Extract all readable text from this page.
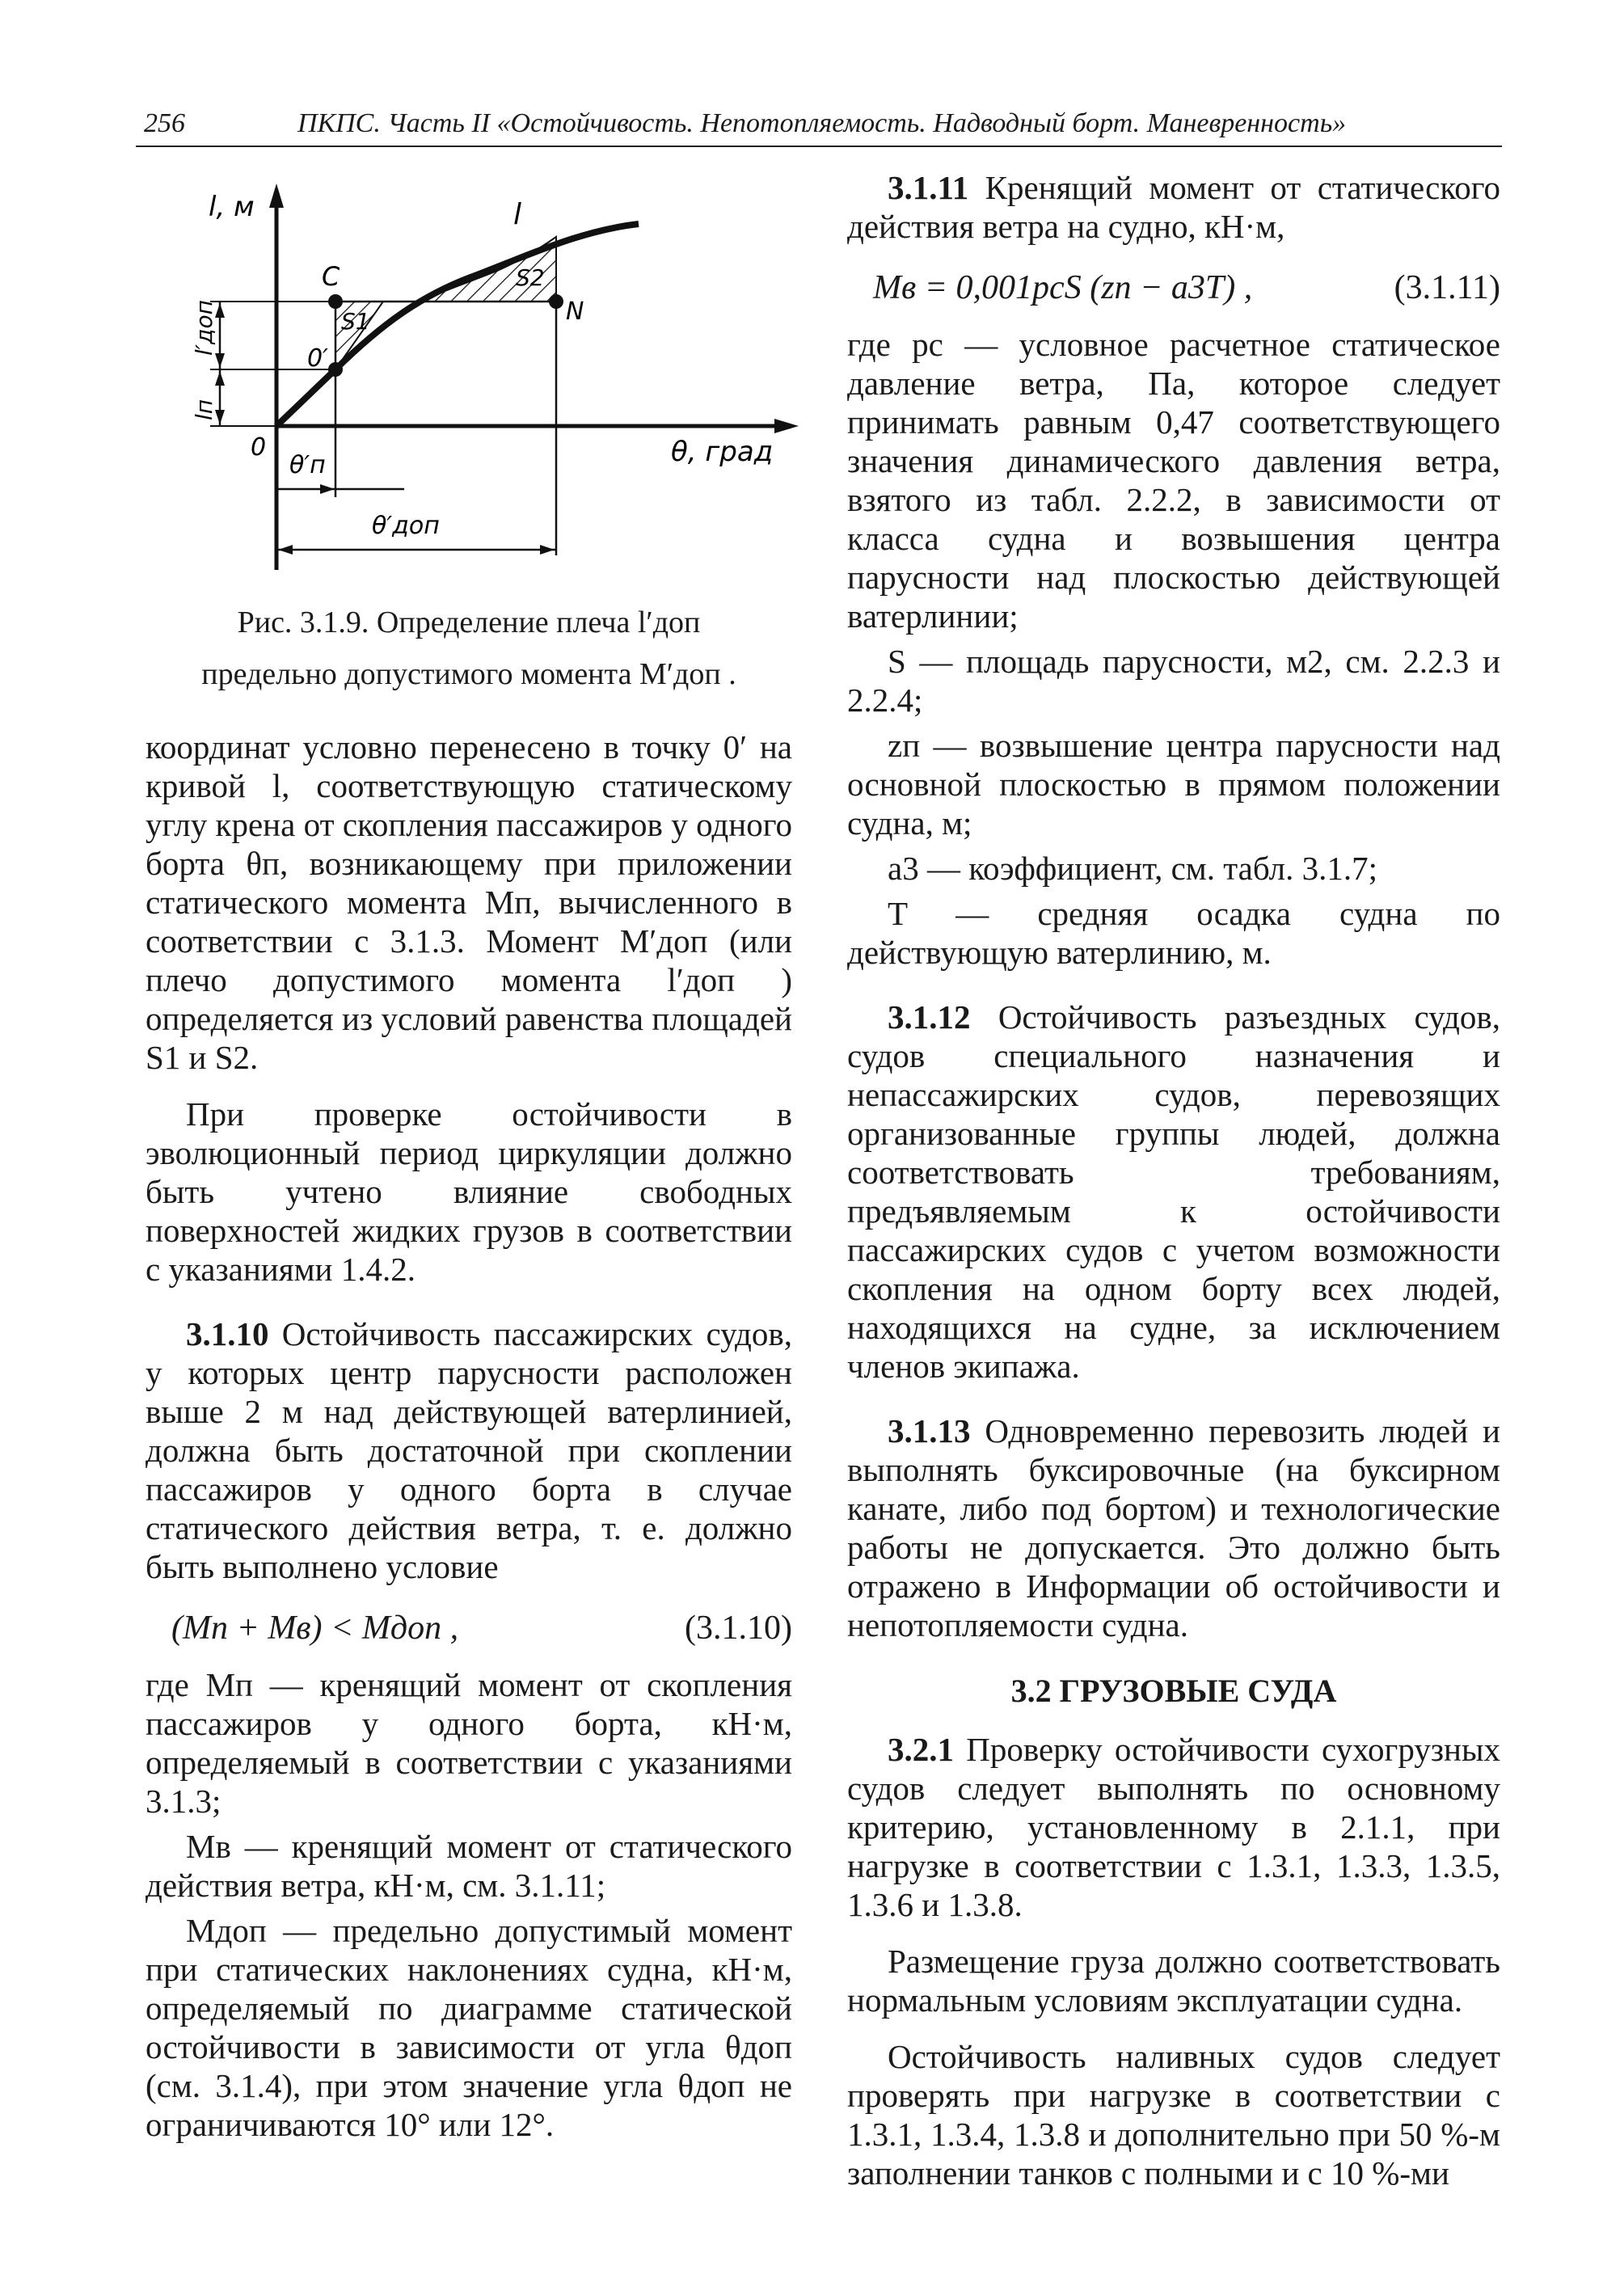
256	ПКПС. Часть II «Остойчивость. Непотопляемость. Надводный борт. Маневренность»
l, м	l
C
0′
0
N
S1
S2
θ, град
l′доп
lп
θ′п
θ′доп
Рис. 3.1.9. Определение плеча l′доп
предельно допустимого момента M′доп .

координат условно перенесено в точку 0′ на кривой l, соответствующую статическому углу крена от скопления пассажиров у одного борта θп, возникающему при приложении статического момента Mп, вычисленного в соответствии с 3.1.3. Момент M′доп (или плечо допустимого момента l′доп ) определяется из условий равенства площадей S1 и S2.

При проверке остойчивости в эволюционный период циркуляции должно быть учтено влияние свободных поверхностей жидких грузов в соответствии с указаниями 1.4.2.

3.1.10 Остойчивость пассажирских судов, у которых центр парусности расположен выше 2 м над действующей ватерлинией, должна быть достаточной при скоплении пассажиров у одного борта в случае статического действия ветра, т. е. должно быть выполнено условие

(Mп + Mв) < Mдоп ,	(3.1.10)

где Mп — кренящий момент от скопления пассажиров у одного борта, кН·м, определяемый в соответствии с указаниями 3.1.3;

Mв — кренящий момент от статического действия ветра, кН·м, см. 3.1.11;

Mдоп — предельно допустимый момент при статических наклонениях судна, кН·м, определяемый по диаграмме статической остойчивости в зависимости от угла θдоп (см. 3.1.4), при этом значение угла θдоп не ограничиваются 10° или 12°.

3.1.11 Кренящий момент от статического действия ветра на судно, кН·м,

Mв = 0,001pcS (zп − a3T) ,	(3.1.11)

где pc — условное расчетное статическое давление ветра, Па, которое следует принимать равным 0,47 соответствующего значения динамического давления ветра, взятого из табл. 2.2.2, в зависимости от класса судна и возвышения центра парусности над плоскостью действующей ватерлинии;

S — площадь парусности, м2, см. 2.2.3 и 2.2.4;

zп — возвышение центра парусности над основной плоскостью в прямом положении судна, м;

a3 — коэффициент, см. табл. 3.1.7;

T — средняя осадка судна по действующую ватерлинию, м.

3.1.12 Остойчивость разъездных судов, судов специального назначения и непассажирских судов, перевозящих организованные группы людей, должна соответствовать требованиям, предъявляемым к остойчивости пассажирских судов с учетом возможности скопления на одном борту всех людей, находящихся на судне, за исключением членов экипажа.

3.1.13 Одновременно перевозить людей и выполнять буксировочные (на буксирном канате, либо под бортом) и технологические работы не допускается. Это должно быть отражено в Информации об остойчивости и непотопляемости судна.

3.2 ГРУЗОВЫЕ СУДА

3.2.1 Проверку остойчивости сухогрузных судов следует выполнять по основному критерию, установленному в 2.1.1, при нагрузке в соответствии с 1.3.1, 1.3.3, 1.3.5, 1.3.6 и 1.3.8.

Размещение груза должно соответствовать нормальным условиям эксплуатации судна.

Остойчивость наливных судов следует проверять при нагрузке в соответствии с 1.3.1, 1.3.4, 1.3.8 и дополнительно при 50 %-м заполнении танков с полными и с 10 %-ми
